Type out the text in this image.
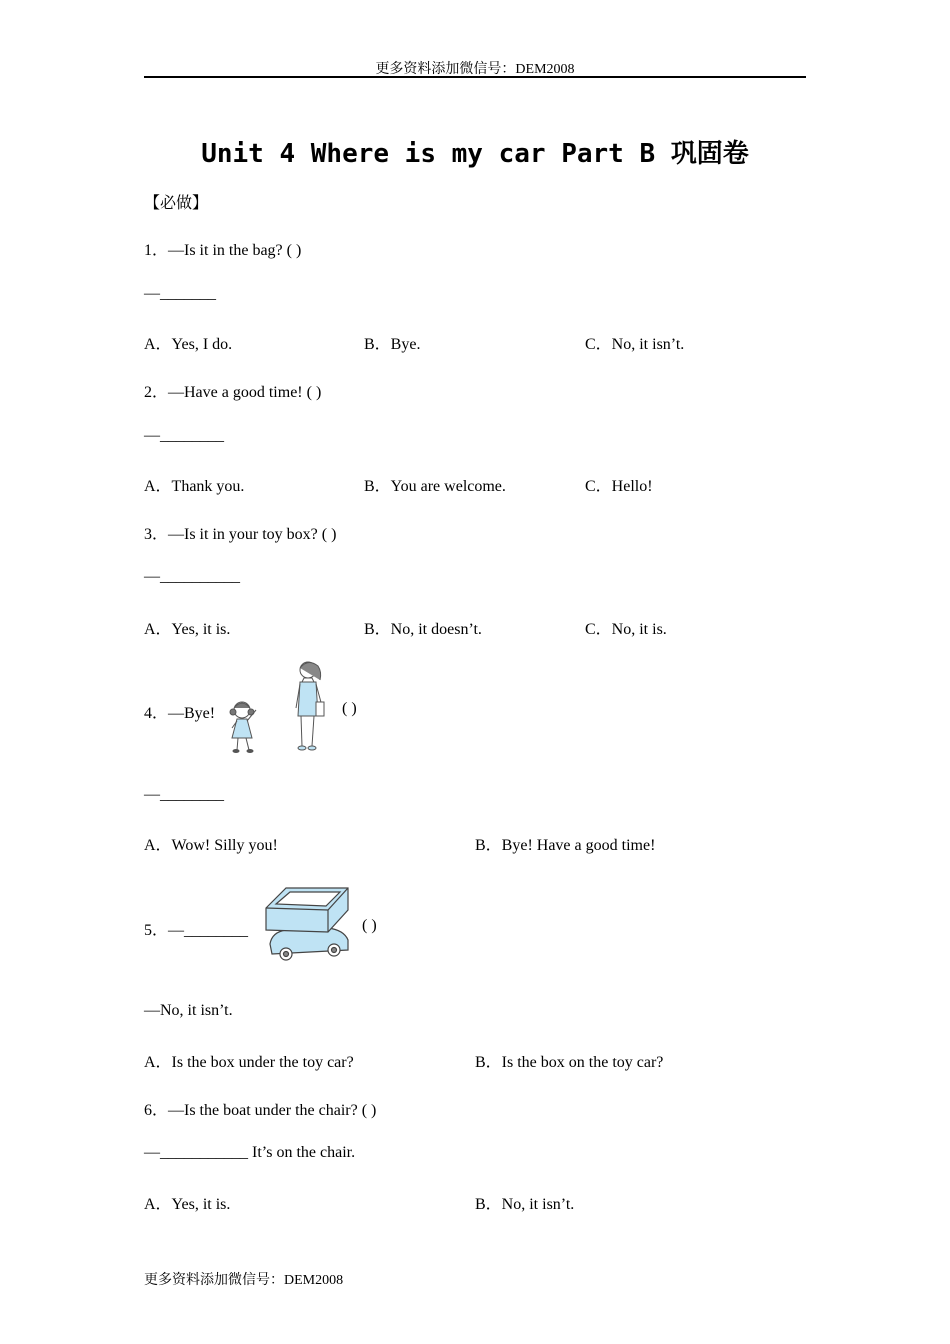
更多资料添加微信号：DEM2008
Unit 4 Where is my car Part B 巩固卷
【必做】
1．—Is it in the bag? ( )
—_______
A．Yes, I do.	B．Bye.	C．No, it isn’t.
2．—Have a good time! ( )
—________
A．Thank you.	B．You are welcome.	C．Hello!
3．—Is it in your toy box? ( )
—__________
A．Yes, it is.	B．No, it doesn’t.	C．No, it is.
4．—Bye!	( )
—________
A．Wow! Silly you!	B．Bye! Have a good time!
5．—________	( )
—No, it isn’t.
A．Is the box under the toy car?	B．Is the box on the toy car?
6．—Is the boat under the chair? ( )
—___________ It’s on the chair.
A．Yes, it is.	B．No, it isn’t.
更多资料添加微信号：DEM2008
